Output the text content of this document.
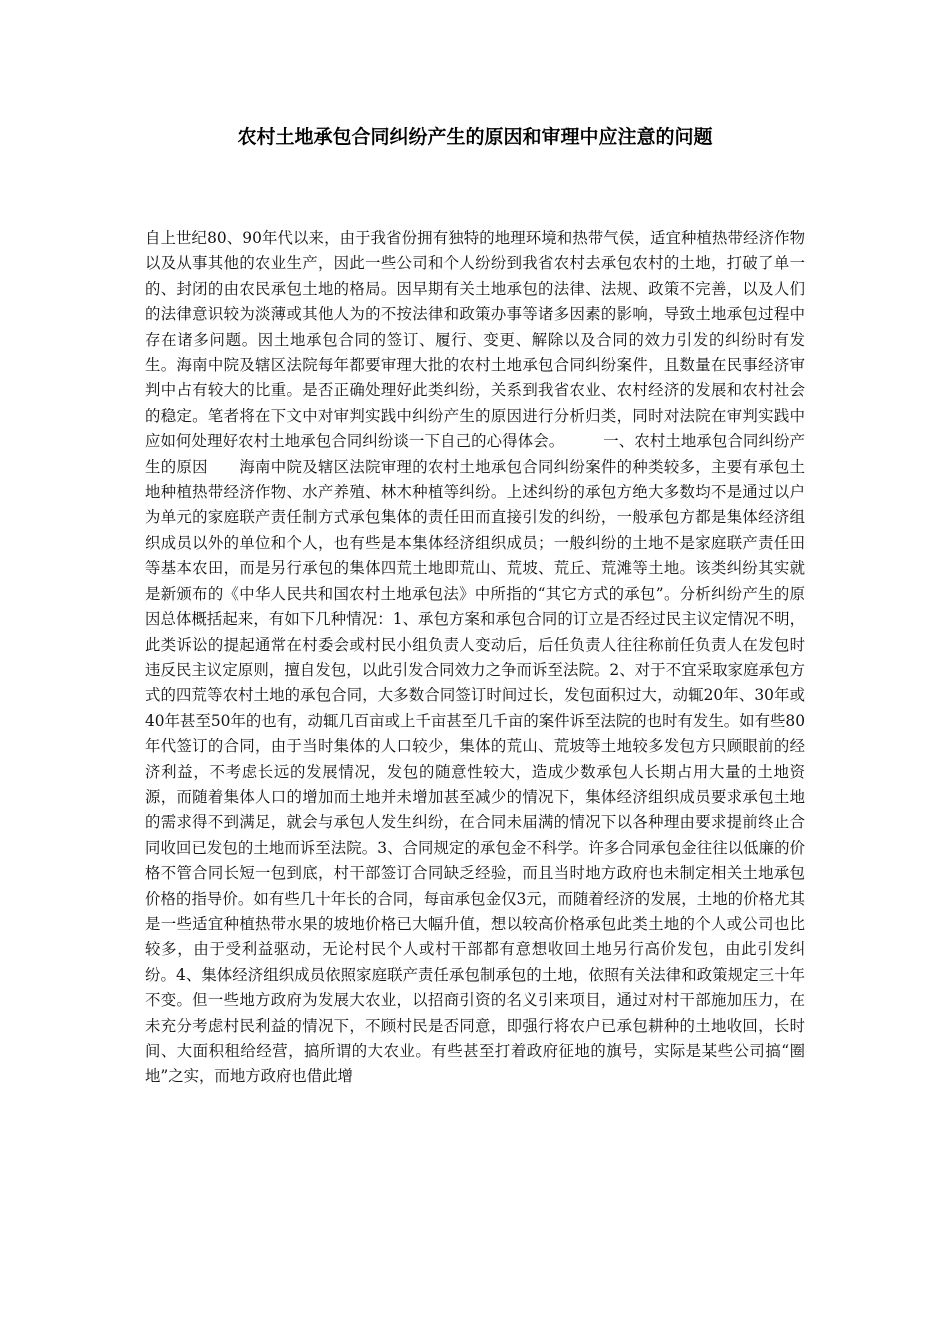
农村土地承包合同纠纷产生的原因和审理中应注意的问题

自上世纪80、90年代以来，由于我省份拥有独特的地理环境和热带气侯，适宜种植热带经济作物以及从事其他的农业生产，因此一些公司和个人纷纷到我省农村去承包农村的土地，打破了单一的、封闭的由农民承包土地的格局。因早期有关土地承包的法律、法规、政策不完善，以及人们的法律意识较为淡薄或其他人为的不按法律和政策办事等诸多因素的影响，导致土地承包过程中存在诸多问题。因土地承包合同的签订、履行、变更、解除以及合同的效力引发的纠纷时有发生。海南中院及辖区法院每年都要审理大批的农村土地承包合同纠纷案件，且数量在民事经济审判中占有较大的比重。是否正确处理好此类纠纷，关系到我省农业、农村经济的发展和农村社会的稳定。笔者将在下文中对审判实践中纠纷产生的原因进行分析归类，同时对法院在审判实践中应如何处理好农村土地承包合同纠纷谈一下自己的心得体会。　　　一、农村土地承包合同纠纷产生的原因　　海南中院及辖区法院审理的农村土地承包合同纠纷案件的种类较多，主要有承包土地种植热带经济作物、水产养殖、林木种植等纠纷。上述纠纷的承包方绝大多数均不是通过以户为单元的家庭联产责任制方式承包集体的责任田而直接引发的纠纷，一般承包方都是集体经济组织成员以外的单位和个人，也有些是本集体经济组织成员；一般纠纷的土地不是家庭联产责任田等基本农田，而是另行承包的集体四荒土地即荒山、荒坡、荒丘、荒滩等土地。该类纠纷其实就是新颁布的《中华人民共和国农村土地承包法》中所指的“其它方式的承包”。分析纠纷产生的原因总体概括起来，有如下几种情况：1、承包方案和承包合同的订立是否经过民主议定情况不明，此类诉讼的提起通常在村委会或村民小组负责人变动后，后任负责人往往称前任负责人在发包时违反民主议定原则，擅自发包，以此引发合同效力之争而诉至法院。2、对于不宜采取家庭承包方式的四荒等农村土地的承包合同，大多数合同签订时间过长，发包面积过大，动辄20年、30年或40年甚至50年的也有，动辄几百亩或上千亩甚至几千亩的案件诉至法院的也时有发生。如有些80年代签订的合同，由于当时集体的人口较少，集体的荒山、荒坡等土地较多发包方只顾眼前的经济利益，不考虑长远的发展情况，发包的随意性较大，造成少数承包人长期占用大量的土地资源，而随着集体人口的增加而土地并未增加甚至减少的情况下，集体经济组织成员要求承包土地的需求得不到满足，就会与承包人发生纠纷，在合同未届满的情况下以各种理由要求提前终止合同收回已发包的土地而诉至法院。3、合同规定的承包金不科学。许多合同承包金往往以低廉的价格不管合同长短一包到底，村干部签订合同缺乏经验，而且当时地方政府也未制定相关土地承包价格的指导价。如有些几十年长的合同，每亩承包金仅3元，而随着经济的发展，土地的价格尤其是一些适宜种植热带水果的坡地价格已大幅升值，想以较高价格承包此类土地的个人或公司也比较多，由于受利益驱动，无论村民个人或村干部都有意想收回土地另行高价发包，由此引发纠纷。4、集体经济组织成员依照家庭联产责任承包制承包的土地，依照有关法律和政策规定三十年不变。但一些地方政府为发展大农业，以招商引资的名义引来项目，通过对村干部施加压力，在未充分考虑村民利益的情况下，不顾村民是否同意，即强行将农户已承包耕种的土地收回，长时间、大面积租给经营，搞所谓的大农业。有些甚至打着政府征地的旗号，实际是某些公司搞“圈地”之实，而地方政府也借此增
